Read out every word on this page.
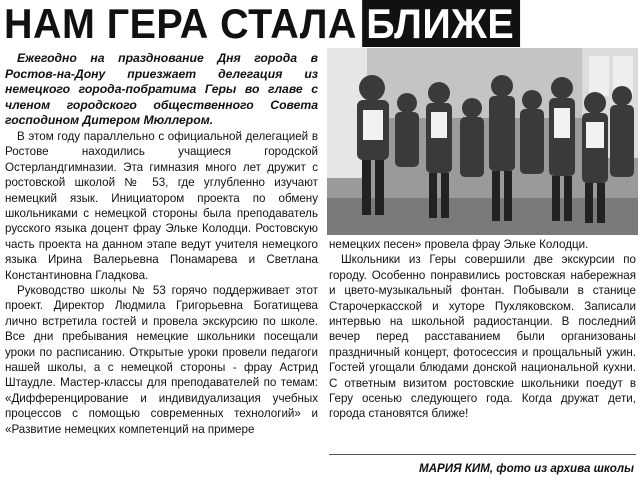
НАМ ГЕРА СТАЛА БЛИЖЕ

Ежегодно на празднование Дня города в Ростов-на-Дону приезжает делегация из немецкого города-побратима Геры во главе с членом городского общественного Совета господином Дитером Мюллером.

В этом году параллельно с официальной делегацией в Ростове находились учащиеся городской Остерландгимназии. Эта гимназия много лет дружит с ростовской школой № 53, где углубленно изучают немецкий язык. Инициатором проекта по обмену школьниками с немецкой стороны была преподаватель русского языка доцент фрау Эльке Колодци. Ростовскую часть проекта на данном этапе ведут учителя немецкого языка Ирина Валерьевна Понамарева и Светлана Константиновна Гладкова.

Руководство школы № 53 горячо поддерживает этот проект. Директор Людмила Григорьевна Богатищева лично встретила гостей и провела экскурсию по школе. Все дни пребывания немецкие школьники посещали уроки по расписанию. Открытые уроки провели педагоги нашей школы, а с немецкой стороны - фрау Астрид Штаудле. Мастер-классы для преподавателей по темам: «Дифференцирование и индивидуализация учебных процессов с помощью современных технологий» и «Развитие немецких компетенций на примере

немецких песен» провела фрау Эльке Колодци.

Школьники из Геры совершили две экскурсии по городу. Особенно понравились ростовская набережная и цвето-музыкальный фонтан. Побывали в станице Старочеркасской и хуторе Пухляковском. Записали интервью на школьной радиостанции. В последний вечер перед расставанием были организованы праздничный концерт, фотосессия и прощальный ужин. Гостей угощали блюдами донской национальной кухни. С ответным визитом ростовские школьники поедут в Геру осенью следующего года. Когда дружат дети, города становятся ближе!

МАРИЯ КИМ, фото из архива школы
